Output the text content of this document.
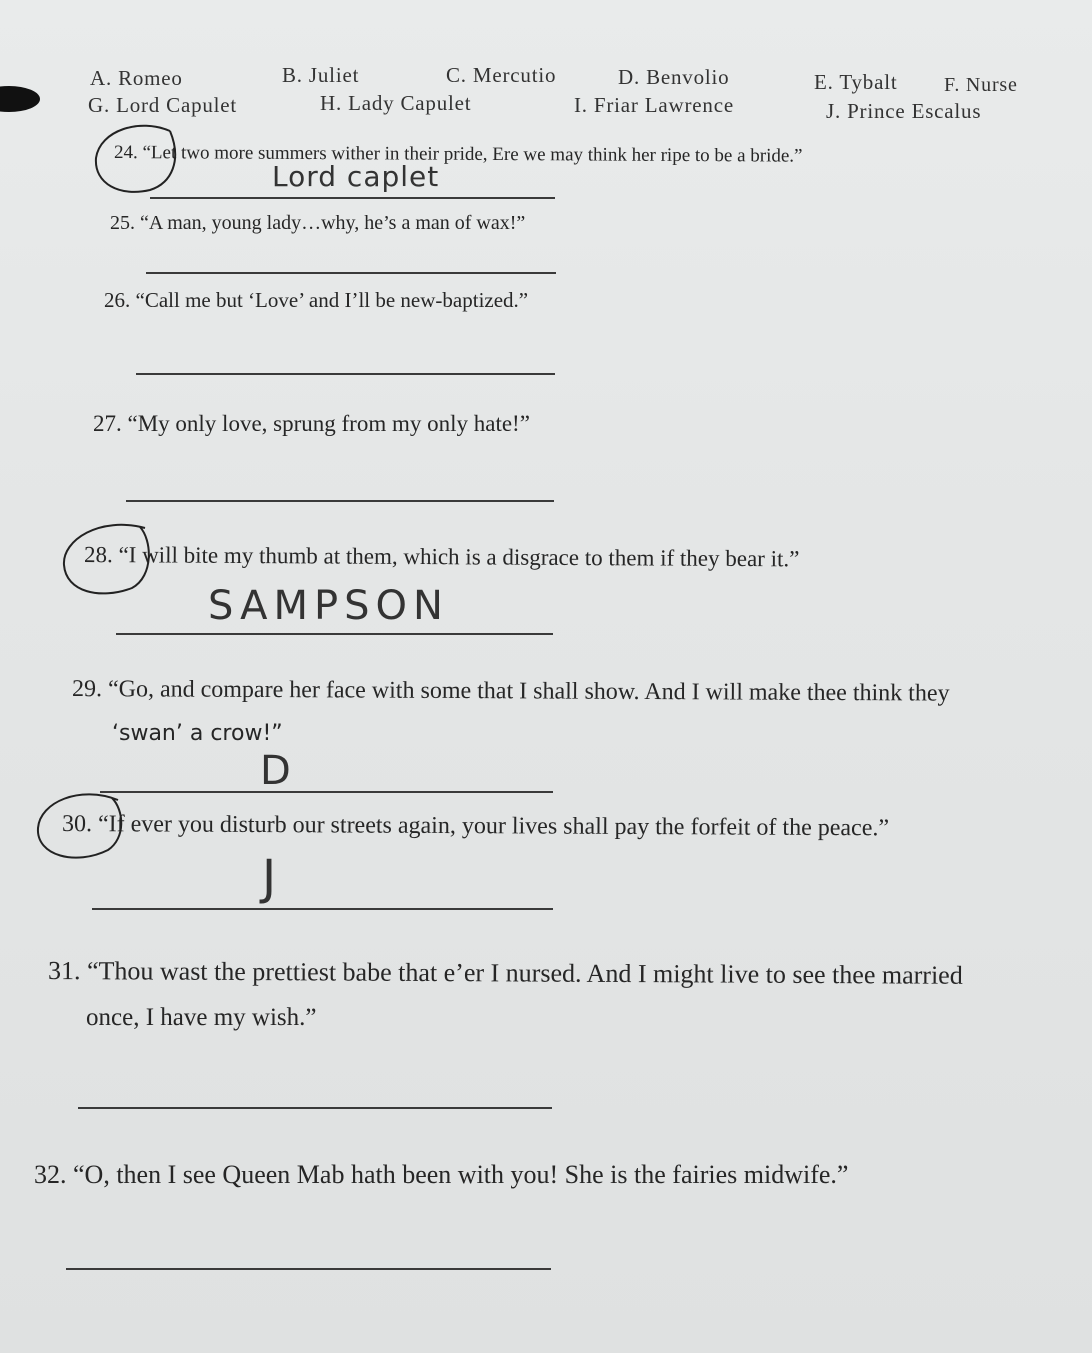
A. Romeo	B. Juliet	C. Mercutio	D. Benvolio	E. Tybalt F. Nurse
G. Lord Capulet	H. Lady Capulet	I. Friar Lawrence	J. Prince Escalus
24. “Let two more summers wither in their pride, Ere we may think her ripe to be a bride.”
Lord caplet
25. “A man, young lady…why, he’s a man of wax!”
26. “Call me but ‘Love’ and I’ll be new-baptized.”
27. “My only love, sprung from my only hate!”
28. “I will bite my thumb at them, which is a disgrace to them if they bear it.”
SAMPSON
29. “Go, and compare her face with some that I shall show. And I will make thee think they
‘swan’ a crow!”
D
30. “If ever you disturb our streets again, your lives shall pay the forfeit of the peace.”
J
31. “Thou wast the prettiest babe that e’er I nursed. And I might live to see thee married
once, I have my wish.”
32. “O, then I see Queen Mab hath been with you! She is the fairies midwife.”
